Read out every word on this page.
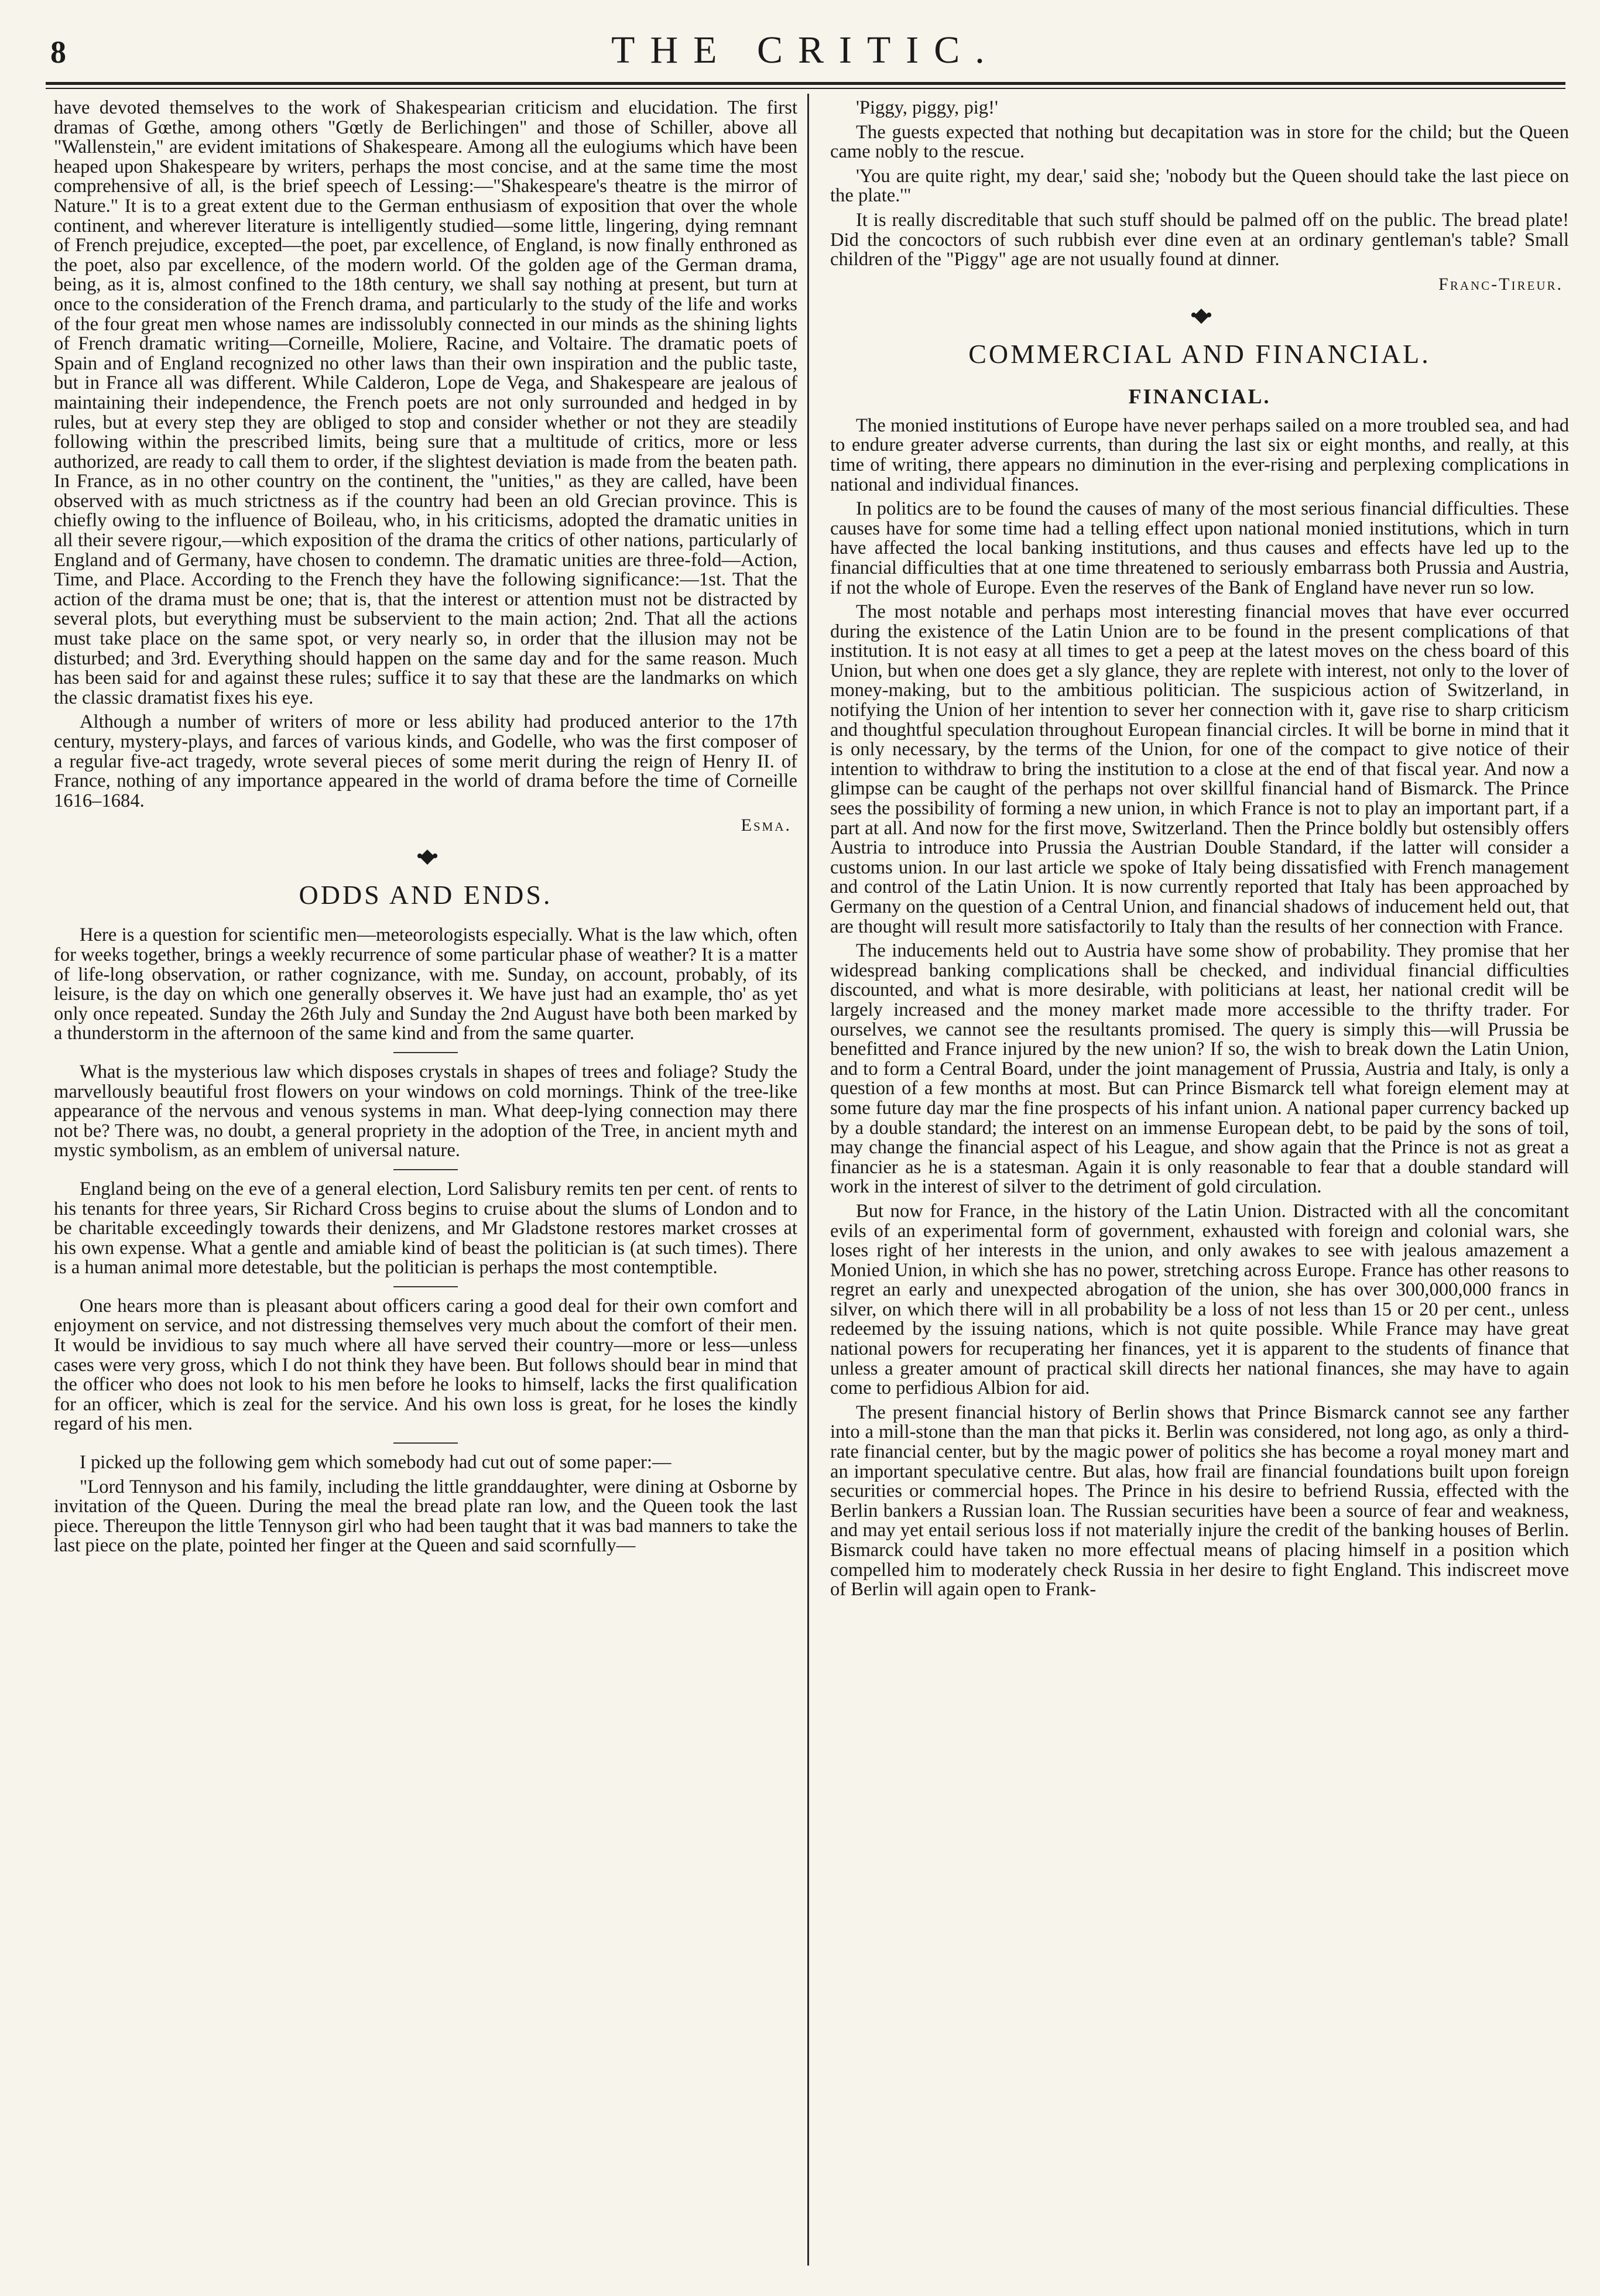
8	THE CRITIC.

have devoted themselves to the work of Shakespearian criticism and elucidation. The first dramas of Gœthe, among others "Gœtly de Berlichingen" and those of Schiller, above all "Wallenstein," are evident imitations of Shakespeare. Among all the eulogiums which have been heaped upon Shakespeare by writers, perhaps the most concise, and at the same time the most comprehensive of all, is the brief speech of Lessing:—"Shakespeare's theatre is the mirror of Nature." It is to a great extent due to the German enthusiasm of exposition that over the whole continent, and wherever literature is intelligently studied—some little, lingering, dying remnant of French prejudice, excepted—the poet, par excellence, of England, is now finally enthroned as the poet, also par excellence, of the modern world. Of the golden age of the German drama, being, as it is, almost confined to the 18th century, we shall say nothing at present, but turn at once to the consideration of the French drama, and particularly to the study of the life and works of the four great men whose names are indissolubly connected in our minds as the shining lights of French dramatic writing—Corneille, Moliere, Racine, and Voltaire. The dramatic poets of Spain and of England recognized no other laws than their own inspiration and the public taste, but in France all was different. While Calderon, Lope de Vega, and Shakespeare are jealous of maintaining their independence, the French poets are not only surrounded and hedged in by rules, but at every step they are obliged to stop and consider whether or not they are steadily following within the prescribed limits, being sure that a multitude of critics, more or less authorized, are ready to call them to order, if the slightest deviation is made from the beaten path. In France, as in no other country on the continent, the "unities," as they are called, have been observed with as much strictness as if the country had been an old Grecian province. This is chiefly owing to the influence of Boileau, who, in his criticisms, adopted the dramatic unities in all their severe rigour,—which exposition of the drama the critics of other nations, particularly of England and of Germany, have chosen to condemn. The dramatic unities are three-fold—Action, Time, and Place. According to the French they have the following significance:—1st. That the action of the drama must be one; that is, that the interest or attention must not be distracted by several plots, but everything must be subservient to the main action; 2nd. That all the actions must take place on the same spot, or very nearly so, in order that the illusion may not be disturbed; and 3rd. Everything should happen on the same day and for the same reason. Much has been said for and against these rules; suffice it to say that these are the landmarks on which the classic dramatist fixes his eye.

Although a number of writers of more or less ability had produced anterior to the 17th century, mystery-plays, and farces of various kinds, and Godelle, who was the first composer of a regular five-act tragedy, wrote several pieces of some merit during the reign of Henry II. of France, nothing of any importance appeared in the world of drama before the time of Corneille 1616–1684.

Esma.
•◆•
ODDS AND ENDS.

Here is a question for scientific men—meteorologists especially. What is the law which, often for weeks together, brings a weekly recurrence of some particular phase of weather? It is a matter of life-long observation, or rather cognizance, with me. Sunday, on account, probably, of its leisure, is the day on which one generally observes it. We have just had an example, tho' as yet only once repeated. Sunday the 26th July and Sunday the 2nd August have both been marked by a thunderstorm in the afternoon of the same kind and from the same quarter.

What is the mysterious law which disposes crystals in shapes of trees and foliage? Study the marvellously beautiful frost flowers on your windows on cold mornings. Think of the tree-like appearance of the nervous and venous systems in man. What deep-lying connection may there not be? There was, no doubt, a general propriety in the adoption of the Tree, in ancient myth and mystic symbolism, as an emblem of universal nature.

England being on the eve of a general election, Lord Salisbury remits ten per cent. of rents to his tenants for three years, Sir Richard Cross begins to cruise about the slums of London and to be charitable exceedingly towards their denizens, and Mr Gladstone restores market crosses at his own expense. What a gentle and amiable kind of beast the politician is (at such times). There is a human animal more detestable, but the politician is perhaps the most contemptible.

One hears more than is pleasant about officers caring a good deal for their own comfort and enjoyment on service, and not distressing themselves very much about the comfort of their men. It would be invidious to say much where all have served their country—more or less—unless cases were very gross, which I do not think they have been. But follows should bear in mind that the officer who does not look to his men before he looks to himself, lacks the first qualification for an officer, which is zeal for the service. And his own loss is great, for he loses the kindly regard of his men.

I picked up the following gem which somebody had cut out of some paper:—

"Lord Tennyson and his family, including the little granddaughter, were dining at Osborne by invitation of the Queen. During the meal the bread plate ran low, and the Queen took the last piece. Thereupon the little Tennyson girl who had been taught that it was bad manners to take the last piece on the plate, pointed her finger at the Queen and said scornfully—

'Piggy, piggy, pig!'

The guests expected that nothing but decapitation was in store for the child; but the Queen came nobly to the rescue.

'You are quite right, my dear,' said she; 'nobody but the Queen should take the last piece on the plate.'"

It is really discreditable that such stuff should be palmed off on the public. The bread plate! Did the concoctors of such rubbish ever dine even at an ordinary gentleman's table? Small children of the "Piggy" age are not usually found at dinner.

Franc-Tireur.
•◆•
COMMERCIAL AND FINANCIAL.
FINANCIAL.

The monied institutions of Europe have never perhaps sailed on a more troubled sea, and had to endure greater adverse currents, than during the last six or eight months, and really, at this time of writing, there appears no diminution in the ever-rising and perplexing complications in national and individual finances.

In politics are to be found the causes of many of the most serious financial difficulties. These causes have for some time had a telling effect upon national monied institutions, which in turn have affected the local banking institutions, and thus causes and effects have led up to the financial difficulties that at one time threatened to seriously embarrass both Prussia and Austria, if not the whole of Europe. Even the reserves of the Bank of England have never run so low.

The most notable and perhaps most interesting financial moves that have ever occurred during the existence of the Latin Union are to be found in the present complications of that institution. It is not easy at all times to get a peep at the latest moves on the chess board of this Union, but when one does get a sly glance, they are replete with interest, not only to the lover of money-making, but to the ambitious politician. The suspicious action of Switzerland, in notifying the Union of her intention to sever her connection with it, gave rise to sharp criticism and thoughtful speculation throughout European financial circles. It will be borne in mind that it is only necessary, by the terms of the Union, for one of the compact to give notice of their intention to withdraw to bring the institution to a close at the end of that fiscal year. And now a glimpse can be caught of the perhaps not over skillful financial hand of Bismarck. The Prince sees the possibility of forming a new union, in which France is not to play an important part, if a part at all. And now for the first move, Switzerland. Then the Prince boldly but ostensibly offers Austria to introduce into Prussia the Austrian Double Standard, if the latter will consider a customs union. In our last article we spoke of Italy being dissatisfied with French management and control of the Latin Union. It is now currently reported that Italy has been approached by Germany on the question of a Central Union, and financial shadows of inducement held out, that are thought will result more satisfactorily to Italy than the results of her connection with France.

The inducements held out to Austria have some show of probability. They promise that her widespread banking complications shall be checked, and individual financial difficulties discounted, and what is more desirable, with politicians at least, her national credit will be largely increased and the money market made more accessible to the thrifty trader. For ourselves, we cannot see the resultants promised. The query is simply this—will Prussia be benefitted and France injured by the new union? If so, the wish to break down the Latin Union, and to form a Central Board, under the joint management of Prussia, Austria and Italy, is only a question of a few months at most. But can Prince Bismarck tell what foreign element may at some future day mar the fine prospects of his infant union. A national paper currency backed up by a double standard; the interest on an immense European debt, to be paid by the sons of toil, may change the financial aspect of his League, and show again that the Prince is not as great a financier as he is a statesman. Again it is only reasonable to fear that a double standard will work in the interest of silver to the detriment of gold circulation.

But now for France, in the history of the Latin Union. Distracted with all the concomitant evils of an experimental form of government, exhausted with foreign and colonial wars, she loses right of her interests in the union, and only awakes to see with jealous amazement a Monied Union, in which she has no power, stretching across Europe. France has other reasons to regret an early and unexpected abrogation of the union, she has over 300,000,000 francs in silver, on which there will in all probability be a loss of not less than 15 or 20 per cent., unless redeemed by the issuing nations, which is not quite possible. While France may have great national powers for recuperating her finances, yet it is apparent to the students of finance that unless a greater amount of practical skill directs her national finances, she may have to again come to perfidious Albion for aid.

The present financial history of Berlin shows that Prince Bismarck cannot see any farther into a mill-stone than the man that picks it. Berlin was considered, not long ago, as only a third-rate financial center, but by the magic power of politics she has become a royal money mart and an important speculative centre. But alas, how frail are financial foundations built upon foreign securities or commercial hopes. The Prince in his desire to befriend Russia, effected with the Berlin bankers a Russian loan. The Russian securities have been a source of fear and weakness, and may yet entail serious loss if not materially injure the credit of the banking houses of Berlin. Bismarck could have taken no more effectual means of placing himself in a position which compelled him to moderately check Russia in her desire to fight England. This indiscreet move of Berlin will again open to Frank-
